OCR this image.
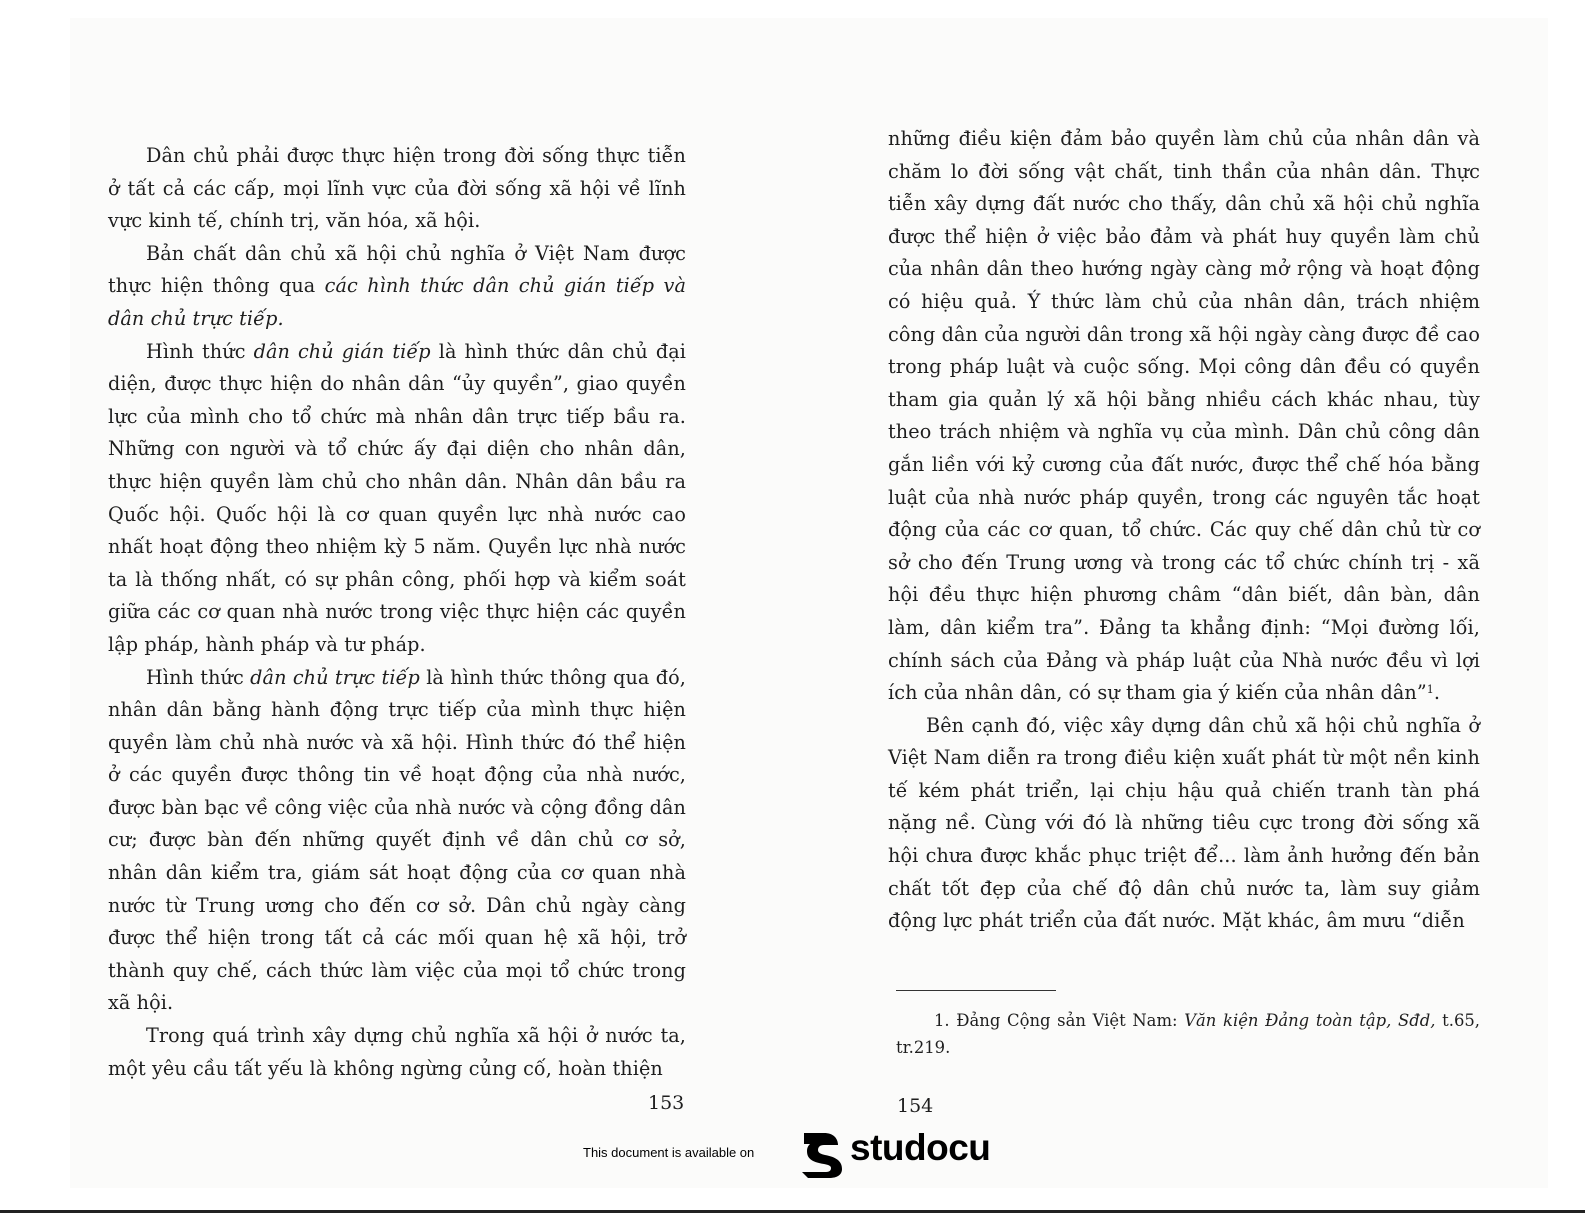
Dân chủ phải được thực hiện trong đời sống thực tiễn ở tất cả các cấp, mọi lĩnh vực của đời sống xã hội về lĩnh vực kinh tế, chính trị, văn hóa, xã hội.

Bản chất dân chủ xã hội chủ nghĩa ở Việt Nam được thực hiện thông qua các hình thức dân chủ gián tiếp và dân chủ trực tiếp.

Hình thức dân chủ gián tiếp là hình thức dân chủ đại diện, được thực hiện do nhân dân “ủy quyền”, giao quyền lực của mình cho tổ chức mà nhân dân trực tiếp bầu ra. Những con người và tổ chức ấy đại diện cho nhân dân, thực hiện quyền làm chủ cho nhân dân. Nhân dân bầu ra Quốc hội. Quốc hội là cơ quan quyền lực nhà nước cao nhất hoạt động theo nhiệm kỳ 5 năm. Quyền lực nhà nước ta là thống nhất, có sự phân công, phối hợp và kiểm soát giữa các cơ quan nhà nước trong việc thực hiện các quyền lập pháp, hành pháp và tư pháp.

Hình thức dân chủ trực tiếp là hình thức thông qua đó, nhân dân bằng hành động trực tiếp của mình thực hiện quyền làm chủ nhà nước và xã hội. Hình thức đó thể hiện ở các quyền được thông tin về hoạt động của nhà nước, được bàn bạc về công việc của nhà nước và cộng đồng dân cư; được bàn đến những quyết định về dân chủ cơ sở, nhân dân kiểm tra, giám sát hoạt động của cơ quan nhà nước từ Trung ương cho đến cơ sở. Dân chủ ngày càng được thể hiện trong tất cả các mối quan hệ xã hội, trở thành quy chế, cách thức làm việc của mọi tổ chức trong xã hội.

Trong quá trình xây dựng chủ nghĩa xã hội ở nước ta, một yêu cầu tất yếu là không ngừng củng cố, hoàn thiện

153

những điều kiện đảm bảo quyền làm chủ của nhân dân và chăm lo đời sống vật chất, tinh thần của nhân dân. Thực tiễn xây dựng đất nước cho thấy, dân chủ xã hội chủ nghĩa được thể hiện ở việc bảo đảm và phát huy quyền làm chủ của nhân dân theo hướng ngày càng mở rộng và hoạt động có hiệu quả. Ý thức làm chủ của nhân dân, trách nhiệm công dân của người dân trong xã hội ngày càng được đề cao trong pháp luật và cuộc sống. Mọi công dân đều có quyền tham gia quản lý xã hội bằng nhiều cách khác nhau, tùy theo trách nhiệm và nghĩa vụ của mình. Dân chủ công dân gắn liền với kỷ cương của đất nước, được thể chế hóa bằng luật của nhà nước pháp quyền, trong các nguyên tắc hoạt động của các cơ quan, tổ chức. Các quy chế dân chủ từ cơ sở cho đến Trung ương và trong các tổ chức chính trị - xã hội đều thực hiện phương châm “dân biết, dân bàn, dân làm, dân kiểm tra”. Đảng ta khẳng định: “Mọi đường lối, chính sách của Đảng và pháp luật của Nhà nước đều vì lợi ích của nhân dân, có sự tham gia ý kiến của nhân dân”$^1$.

Bên cạnh đó, việc xây dựng dân chủ xã hội chủ nghĩa ở Việt Nam diễn ra trong điều kiện xuất phát từ một nền kinh tế kém phát triển, lại chịu hậu quả chiến tranh tàn phá nặng nề. Cùng với đó là những tiêu cực trong đời sống xã hội chưa được khắc phục triệt để... làm ảnh hưởng đến bản chất tốt đẹp của chế độ dân chủ nước ta, làm suy giảm động lực phát triển của đất nước. Mặt khác, âm mưu “diễn

1. Đảng Cộng sản Việt Nam: Văn kiện Đảng toàn tập, Sđd, t.65, tr.219.

154
This document is available on	studocu
